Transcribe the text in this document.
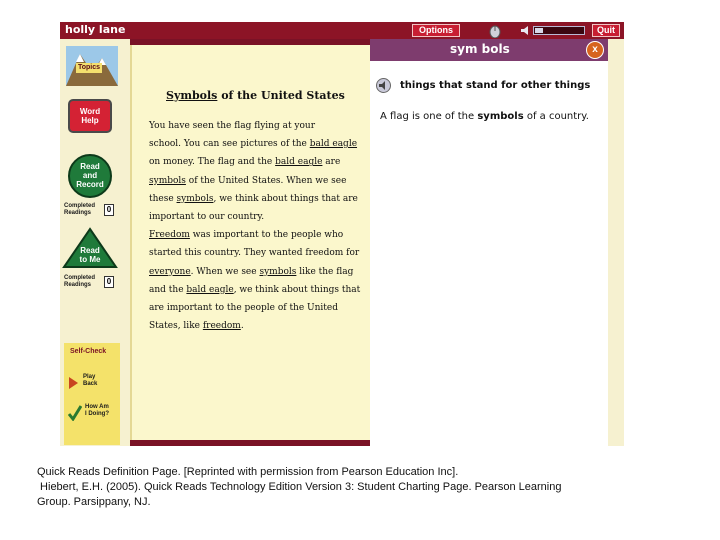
holly lane	Options	Quit
Topics
Word
Help
Read
and
Record
Completed
Readings	0
Read
to Me
Completed
Readings	0
Self-Check
Play
Back
How Am
I Doing?
Symbols of the United States

You have seen the flag flying at your

school. You can see pictures of the bald eagle

on money. The flag and the bald eagle are

symbols of the United States. When we see

these symbols, we think about things that are

important to our country.

Freedom was important to the people who

started this country. They wanted freedom for

everyone. When we see symbols like the flag

and the bald eagle, we think about things that

are important to the people of the United

States, like freedom.

sym bols	x
things that stand for other things
A flag is one of the symbols of a country.
Quick Reads Definition Page. [Reprinted with permission from Pearson Education Inc].
Hiebert, E.H. (2005). Quick Reads Technology Edition Version 3: Student Charting Page. Pearson Learning
Group. Parsippany, NJ.
